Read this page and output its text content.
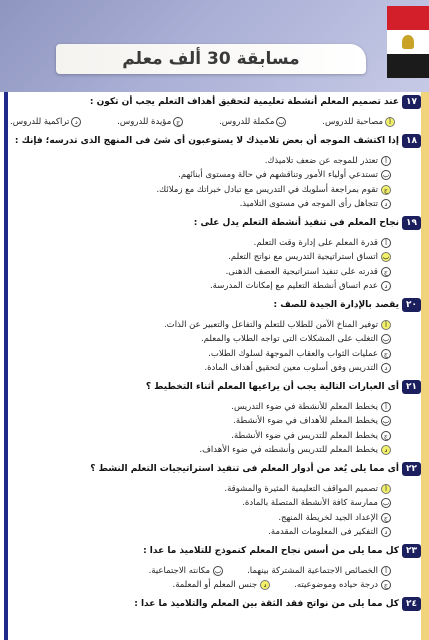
مسابقة 30 ألف معلم
١٧
عند تصميم المعلم أنشطة تعليمية لتحقيق أهداف التعلم يجب أن تكون :
أ
مصاحبة للدروس.
ب
مكملة للدروس.
ج
مؤيدة للدروس.
د
تراكمية للدروس.
١٨
إذا اكتشف الموجه أن بعض تلاميذك لا يستوعبون أى شئ فى المنهج الذى تدرسه؛ فإنك :
أ
تعتذر للموجه عن ضعف تلاميذك.
ب
تستدعي أولياء الأمور وتناقشهم في حالة ومستوى أبنائهم.
ج
تقوم بمراجعة أسلوبك في التدريس مع تبادل خبراتك مع زملائك.
د
تتجاهل رأى الموجه في مستوى التلاميذ.
١٩
نجاح المعلم فى تنفيذ أنشطة التعلم يدل على :
أ
قدرة المعلم على إدارة وقت التعلم.
ب
اتساق استراتيجية التدريس مع نواتج التعلم.
ج
قدرته على تنفيذ استراتيجية العصف الذهنى.
د
عدم اتساق أنشطة التعليم مع إمكانات المدرسة.
٢٠
يقصد بالإدارة الجيدة للصف :
أ
توفير المناخ الآمن للطلاب للتعلم والتفاعل والتعبير عن الذات.
ب
التغلب على المشكلات التى تواجه الطلاب والمعلم.
ج
عمليات الثواب والعقاب الموجهة لسلوك الطلاب.
د
التدريس وفق أسلوب معين لتحقيق أهداف المادة.
٢١
أى العبارات التالية يجب أن يراعيها المعلم أثناء التخطيط ؟
أ
يخطط المعلم للأنشطة في ضوء التدريس.
ب
يخطط المعلم للأهداف في ضوء الأنشطة.
ج
يخطط المعلم للتدريس في ضوء الأنشطة.
د
يخطط المعلم للتدريس وأنشطته في ضوء الأهداف.
٢٢
أى مما يلى يُعد من أدوار المعلم فى تنفيذ استراتيجيات التعلم النشط ؟
أ
تصميم المواقف التعليمية المثيرة والمشوقة.
ب
ممارسة كافة الأنشطة المتصلة بالمادة.
ج
الإعداد الجيد لخريطة المنهج.
د
التفكير فى المعلومات المقدمة.
٢٣
كل مما يلى من أسس نجاح المعلم كنموذج للتلاميذ ما عدا :
أ
الخصائص الاجتماعية المشتركة بينهما.
ب
مكانته الاجتماعية.
ج
درجة حياده وموضوعيته.
د
جنس المعلم أو المعلمة.
٢٤
كل مما يلى من نواتج فقد الثقة بين المعلم والتلاميذ ما عدا :
